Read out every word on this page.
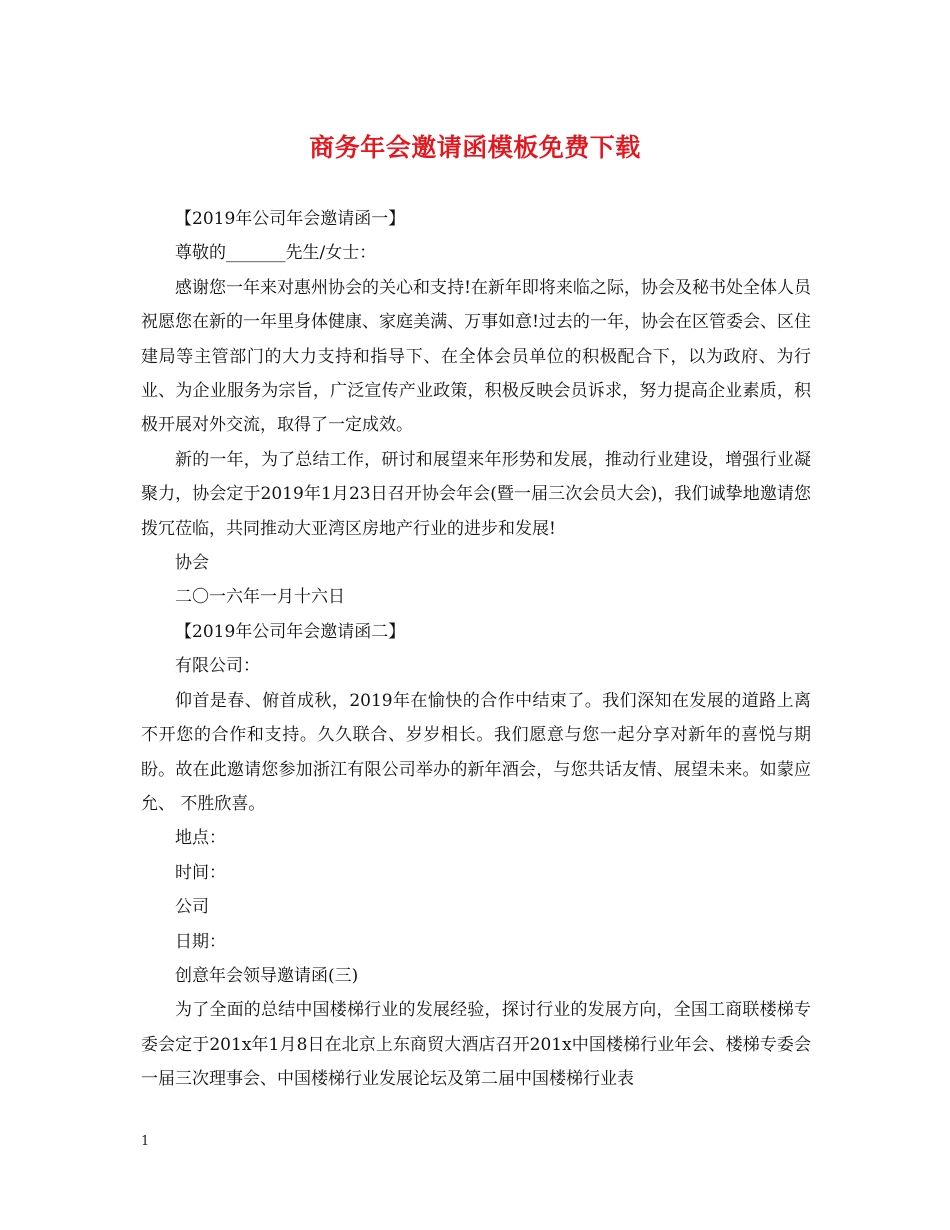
商务年会邀请函模板免费下载

【2019年公司年会邀请函一】

尊敬的_______先生/女士：

感谢您一年来对惠州协会的关心和支持!在新年即将来临之际，协会及秘书处全体人员祝愿您在新的一年里身体健康、家庭美满、万事如意!过去的一年，协会在区管委会、区住建局等主管部门的大力支持和指导下、在全体会员单位的积极配合下，以为政府、为行业、为企业服务为宗旨，广泛宣传产业政策，积极反映会员诉求，努力提高企业素质，积极开展对外交流，取得了一定成效。

新的一年，为了总结工作，研讨和展望来年形势和发展，推动行业建设，增强行业凝聚力，协会定于2019年1月23日召开协会年会(暨一届三次会员大会)，我们诚挚地邀请您拨冗莅临，共同推动大亚湾区房地产行业的进步和发展!

协会

二〇一六年一月十六日

【2019年公司年会邀请函二】

有限公司：

仰首是春、俯首成秋，2019年在愉快的合作中结束了。我们深知在发展的道路上离不开您的合作和支持。久久联合、岁岁相长。我们愿意与您一起分享对新年的喜悦与期盼。故在此邀请您参加浙江有限公司举办的新年酒会，与您共话友情、展望未来。如蒙应允、 不胜欣喜。

地点：

时间：

公司

日期：

创意年会领导邀请函(三)

为了全面的总结中国楼梯行业的发展经验，探讨行业的发展方向，全国工商联楼梯专委会定于201x年1月8日在北京上东商贸大酒店召开201x中国楼梯行业年会、楼梯专委会一届三次理事会、中国楼梯行业发展论坛及第二届中国楼梯行业表

1
